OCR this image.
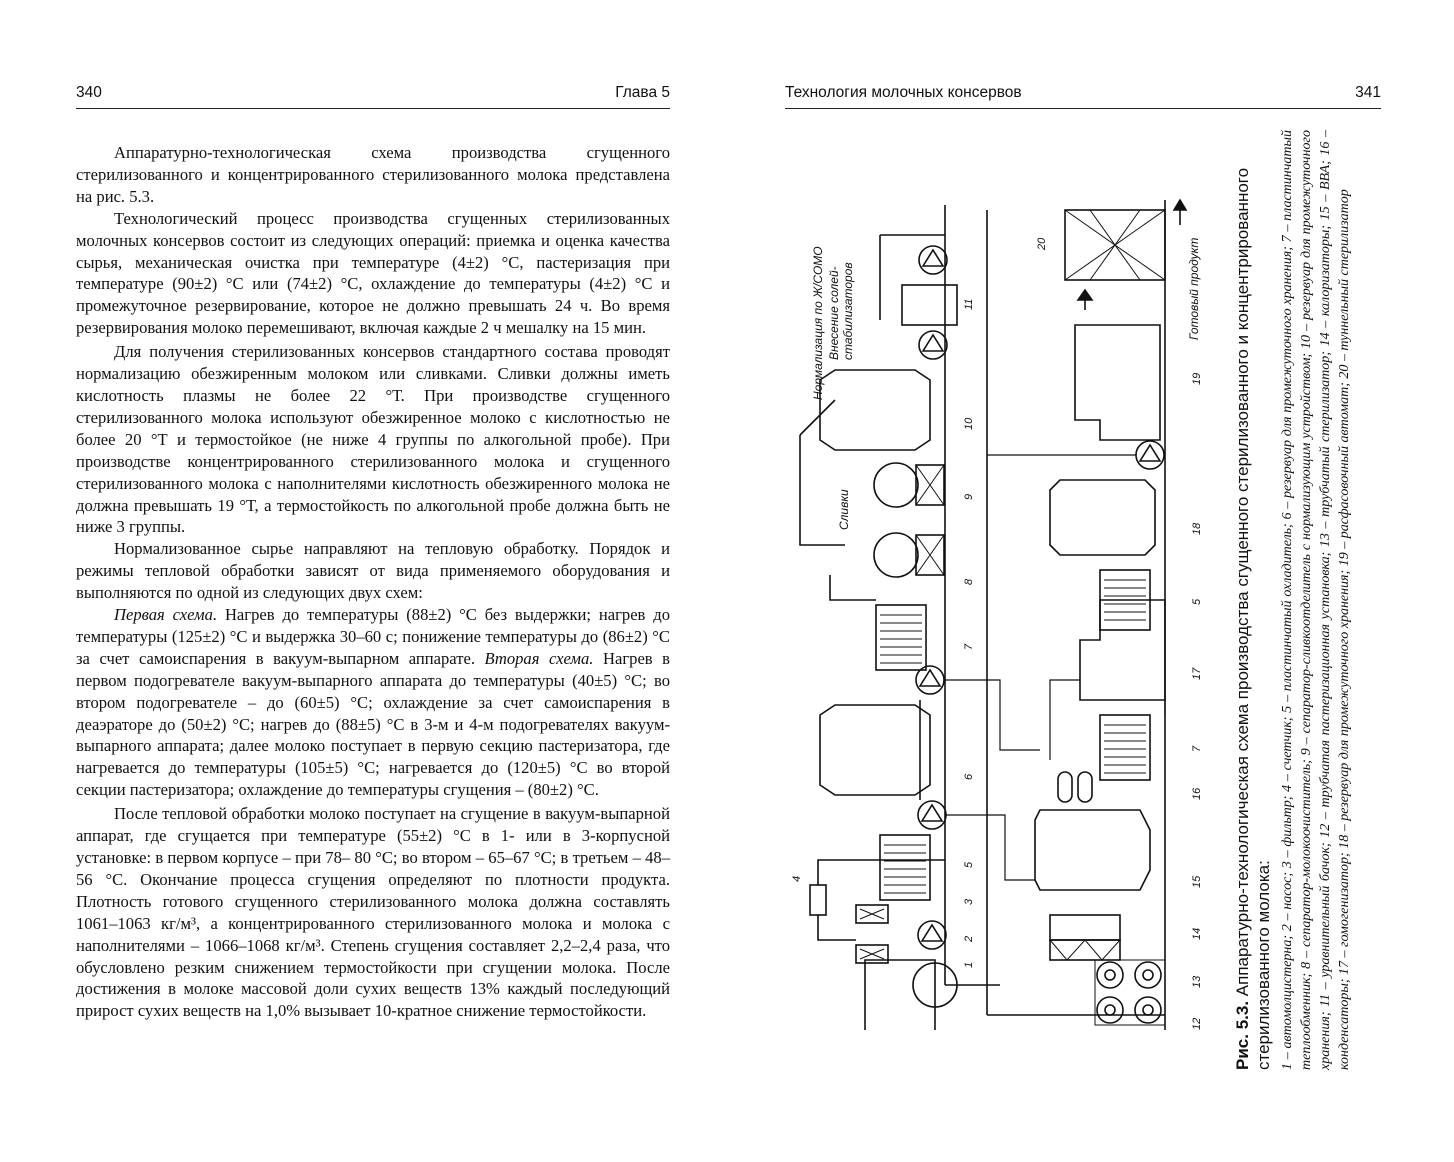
340	Глава 5

Аппаратурно-технологическая схема производства сгущенного стерилизованного и концентрированного стерилизованного молока представлена на рис. 5.3.

Технологический процесс производства сгущенных стерилизованных молочных консервов состоит из следующих операций: приемка и оценка качества сырья, механическая очистка при температуре (4±2) °С, пастеризация при температуре (90±2) °С или (74±2) °С, охлаждение до температуры (4±2) °С и промежуточное резервирование, которое не должно превышать 24 ч. Во время резервирования молоко перемешивают, включая каждые 2 ч мешалку на 15 мин.

Для получения стерилизованных консервов стандартного состава проводят нормализацию обезжиренным молоком или сливками. Сливки должны иметь кислотность плазмы не более 22 °Т. При производстве сгущенного стерилизованного молока используют обезжиренное молоко с кислотностью не более 20 °Т и термостойкое (не ниже 4 группы по алкогольной пробе). При производстве концентрированного стерилизованного молока и сгущенного стерилизованного молока с наполнителями кислотность обезжиренного молока не должна превышать 19 °Т, а термостойкость по алкогольной пробе должна быть не ниже 3 группы.

Нормализованное сырье направляют на тепловую обработку. Порядок и режимы тепловой обработки зависят от вида применяемого оборудования и выполняются по одной из следующих двух схем:

Первая схема. Нагрев до температуры (88±2) °С без выдержки; нагрев до температуры (125±2) °С и выдержка 30–60 с; понижение температуры до (86±2) °С за счет самоиспарения в вакуум-выпарном аппарате. Вторая схема. Нагрев в первом подогревателе вакуум-выпарного аппарата до температуры (40±5) °С; во втором подогревателе – до (60±5) °С; охлаждение за счет самоиспарения в деаэраторе до (50±2) °С; нагрев до (88±5) °С в 3-м и 4-м подогревателях вакуум-выпарного аппарата; далее молоко поступает в первую секцию пастеризатора, где нагревается до температуры (105±5) °С; нагревается до (120±5) °С во второй секции пастеризатора; охлаждение до температуры сгущения – (80±2) °С.

После тепловой обработки молоко поступает на сгущение в вакуум-выпарной аппарат, где сгущается при температуре (55±2) °С в 1- или в 3-корпусной установке: в первом корпусе – при 78– 80 °С; во втором – 65–67 °С; в третьем – 48–56 °С. Окончание процесса сгущения определяют по плотности продукта. Плотность готового сгущенного стерилизованного молока должна составлять 1061–1063 кг/м³, а концентрированного стерилизованного молока и молока с наполнителями – 1066–1068 кг/м³. Степень сгущения составляет 2,2–2,4 раза, что обусловлено резким снижением термостойкости при сгущении молока. После достижения в молоке массовой доли сухих веществ 13% каждый последующий прирост сухих веществ на 1,0% вызывает 10-кратное снижение термостойкости.

Технология молочных консервов	341
Нормализация по Ж/СОМО Внесение солей- стабилизаторов
Сливки
Готовый продукт
1
2
3
4
5
6
7
8
9
10
11
12
13
14
15
16
5
7
17
18
19
20

Рис. 5.3. Аппаратурно-технологическая схема производства сгущенного стерилизованного и концентрированного стерилизованного молока: 1 – автомолцистерна; 2 – насос; 3 – фильтр; 4 – счетчик; 5 – пластинчатый охладитель; 6 – резервуар для промежуточного хранения; 7 – пластинчатый теплообменник; 8 – сепаратор-молокоочиститель; 9 – сепаратор-сливкоотделитель с нормализующим устройством; 10 – резервуар для промежуточного хранения; 11 – уравнительный бачок; 12 – трубчатая пастеризационная установка; 13 – трубчатый стерилизатор; 14 – калоризаторы; 15 – ВВА; 16 – конденсаторы; 17 – гомогенизатор; 18 – резервуар для промежуточного хранения; 19 – расфасовочный автомат; 20 – туннельный стерилизатор
